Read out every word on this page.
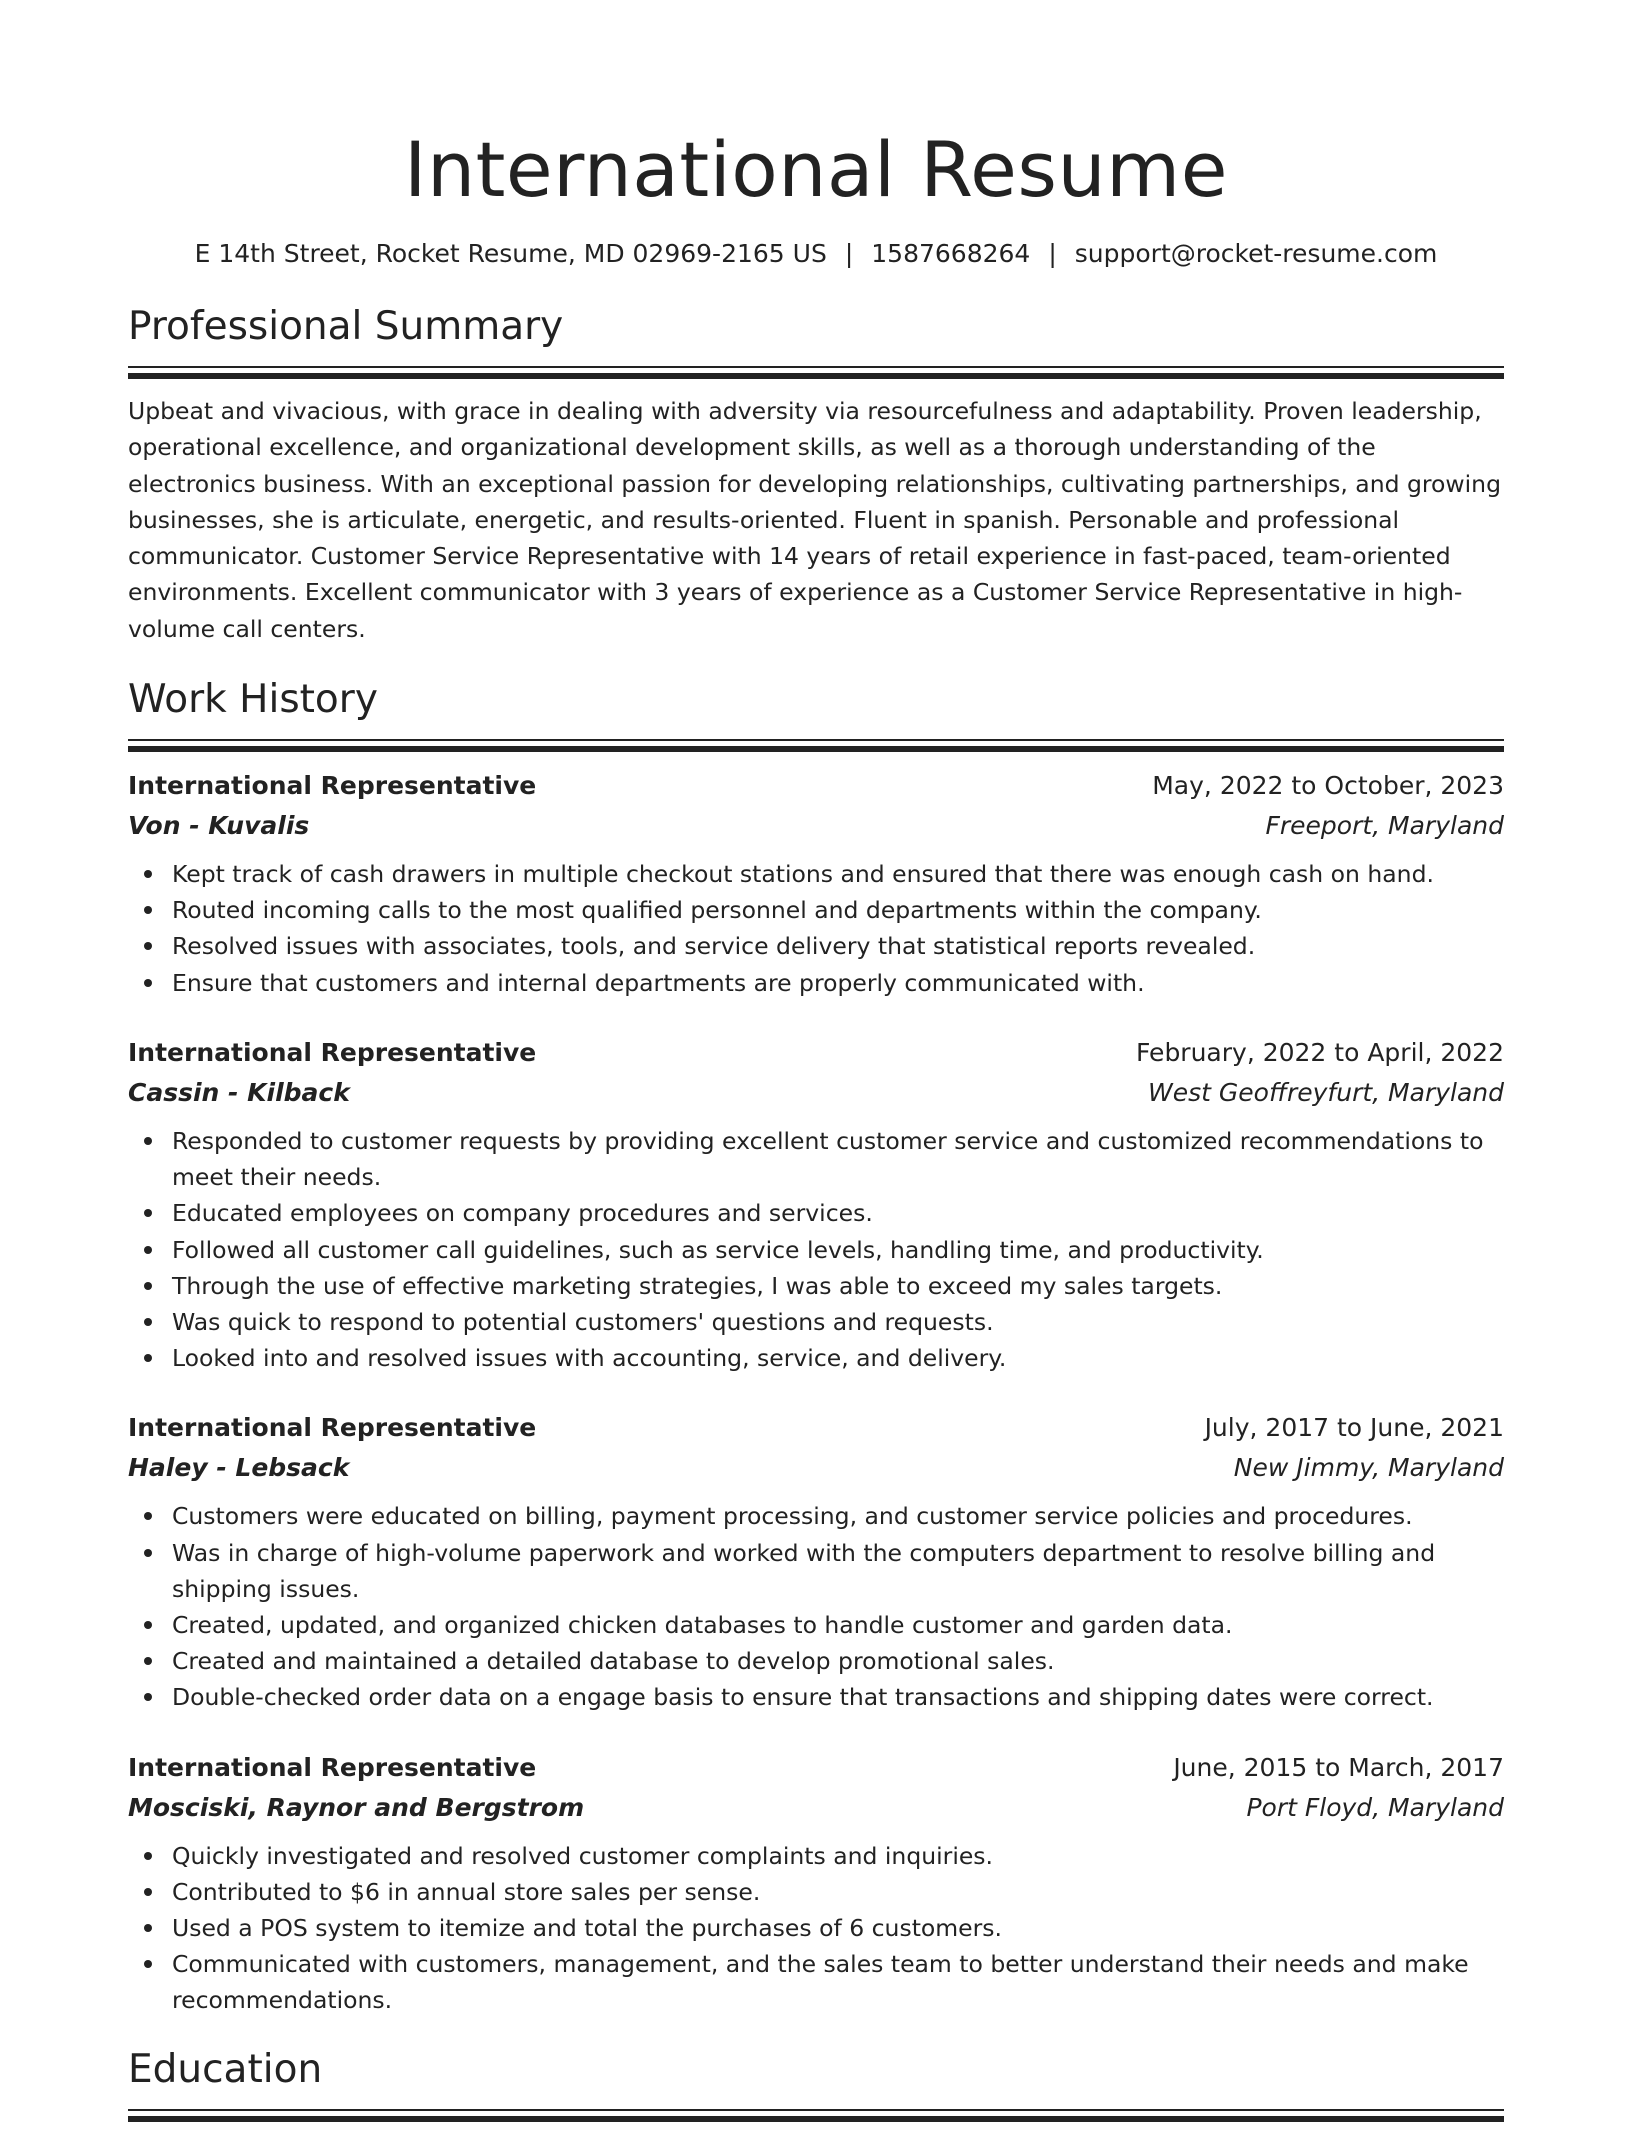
International Resume
E 14th Street, Rocket Resume, MD 02969-2165 US | 1587668264 | support@rocket-resume.com
Professional Summary

Upbeat and vivacious, with grace in dealing with adversity via resourcefulness and adaptability. Proven leadership, operational excellence, and organizational development skills, as well as a thorough understanding of the electronics business. With an exceptional passion for developing relationships, cultivating partnerships, and growing businesses, she is articulate, energetic, and results-oriented. Fluent in spanish. Personable and professional communicator. Customer Service Representative with 14 years of retail experience in fast-paced, team-oriented environments. Excellent communicator with 3 years of experience as a Customer Service Representative in high-volume call centers.

Work History
International Representative	May, 2022 to October, 2023
Von - Kuvalis	Freeport, Maryland
Kept track of cash drawers in multiple checkout stations and ensured that there was enough cash on hand.
Routed incoming calls to the most qualified personnel and departments within the company.
Resolved issues with associates, tools, and service delivery that statistical reports revealed.
Ensure that customers and internal departments are properly communicated with.
International Representative	February, 2022 to April, 2022
Cassin - Kilback	West Geoffreyfurt, Maryland
Responded to customer requests by providing excellent customer service and customized recommendations to meet their needs.
Educated employees on company procedures and services.
Followed all customer call guidelines, such as service levels, handling time, and productivity.
Through the use of effective marketing strategies, I was able to exceed my sales targets.
Was quick to respond to potential customers' questions and requests.
Looked into and resolved issues with accounting, service, and delivery.
International Representative	July, 2017 to June, 2021
Haley - Lebsack	New Jimmy, Maryland
Customers were educated on billing, payment processing, and customer service policies and procedures.
Was in charge of high-volume paperwork and worked with the computers department to resolve billing and shipping issues.
Created, updated, and organized chicken databases to handle customer and garden data.
Created and maintained a detailed database to develop promotional sales.
Double-checked order data on a engage basis to ensure that transactions and shipping dates were correct.
International Representative	June, 2015 to March, 2017
Mosciski, Raynor and Bergstrom	Port Floyd, Maryland
Quickly investigated and resolved customer complaints and inquiries.
Contributed to $6 in annual store sales per sense.
Used a POS system to itemize and total the purchases of 6 customers.
Communicated with customers, management, and the sales team to better understand their needs and make recommendations.
Education
